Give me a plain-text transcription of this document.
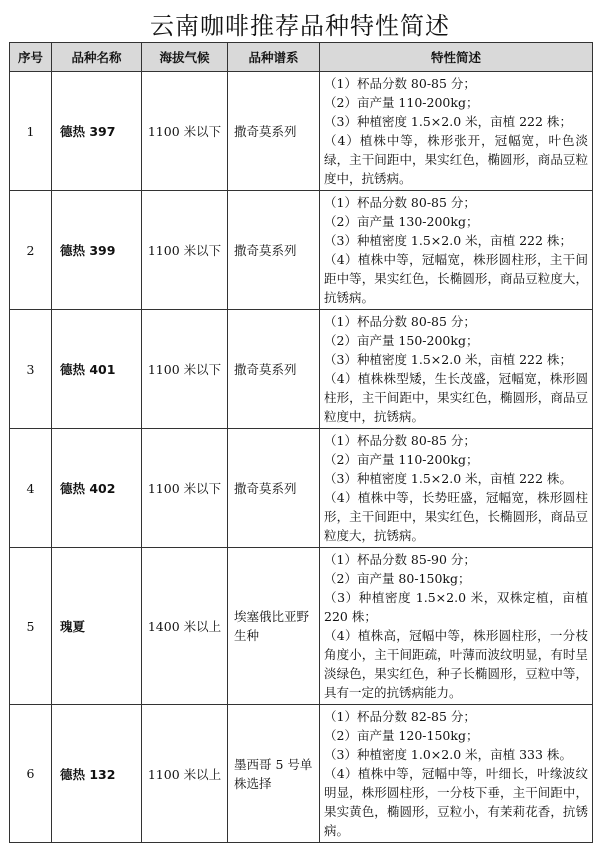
云南咖啡推荐品种特性简述
序号	品种名称	海拔气候	品种谱系	特性简述
1	德热 397	1100 米以下	撒奇莫系列	（1）杯品分数 80-85 分；
（2）亩产量 110-200kg；
（3）种植密度 1.5×2.0 米，亩植 222 株；
（4）植株中等，株形张开，冠幅宽，叶色淡绿，主干间距中，果实红色，椭圆形，商品豆粒度中，抗锈病。

2	德热 399	1100 米以下	撒奇莫系列	（1）杯品分数 80-85 分；
（2）亩产量 130-200kg；
（3）种植密度 1.5×2.0 米，亩植 222 株；
（4）植株中等，冠幅宽，株形圆柱形，主干间距中等，果实红色，长椭圆形，商品豆粒度大，抗锈病。

3	德热 401	1100 米以下	撒奇莫系列	（1）杯品分数 80-85 分；
（2）亩产量 150-200kg；
（3）种植密度 1.5×2.0 米，亩植 222 株；
（4）植株株型矮，生长茂盛，冠幅宽，株形圆柱形，主干间距中，果实红色，椭圆形，商品豆粒度中，抗锈病。

4	德热 402	1100 米以下	撒奇莫系列	（1）杯品分数 80-85 分；
（2）亩产量 110-200kg；
（3）种植密度 1.5×2.0 米，亩植 222 株。
（4）植株中等，长势旺盛，冠幅宽，株形圆柱形，主干间距中，果实红色，长椭圆形，商品豆粒度大，抗锈病。

5	瑰夏	1400 米以上	埃塞俄比亚野生种	（1）杯品分数 85-90 分；
（2）亩产量 80-150kg；
（3）种植密度 1.5×2.0 米，双株定植，亩植 220 株；
（4）植株高，冠幅中等，株形圆柱形，一分枝角度小，主干间距疏，叶薄而波纹明显，有时呈淡绿色，果实红色，种子长椭圆形，豆粒中等，具有一定的抗锈病能力。

6	德热 132	1100 米以上	墨西哥 5 号单株选择	（1）杯品分数 82-85 分；
（2）亩产量 120-150kg；
（3）种植密度 1.0×2.0 米，亩植 333 株。
（4）植株中等，冠幅中等，叶细长，叶缘波纹明显，株形圆柱形，一分枝下垂，主干间距中，果实黄色，椭圆形，豆粒小，有茉莉花香，抗锈病。
